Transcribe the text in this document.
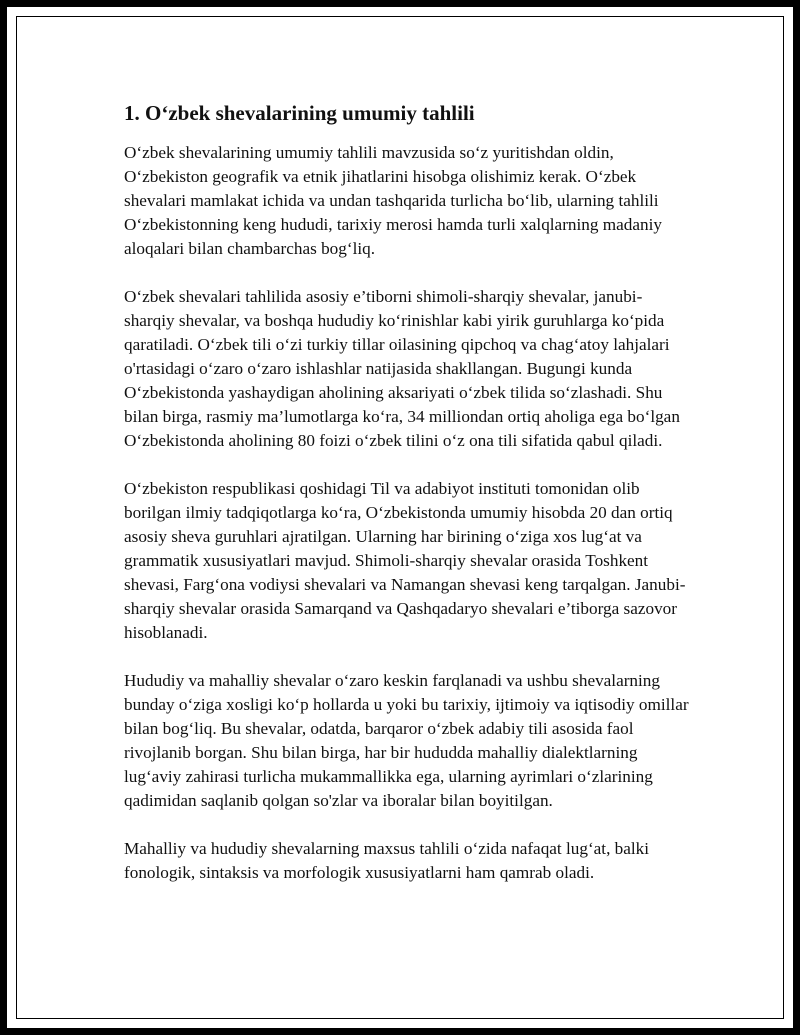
1. O‘zbek shevalarining umumiy tahlili

O‘zbek shevalarining umumiy tahlili mavzusida so‘z yuritishdan oldin, O‘zbekiston geografik va etnik jihatlarini hisobga olishimiz kerak. O‘zbek shevalari mamlakat ichida va undan tashqarida turlicha bo‘lib, ularning tahlili O‘zbekistonning keng hududi, tarixiy merosi hamda turli xalqlarning madaniy aloqalari bilan chambarchas bog‘liq.

O‘zbek shevalari tahlilida asosiy e’tiborni shimoli-sharqiy shevalar, janubi-sharqiy shevalar, va boshqa hududiy ko‘rinishlar kabi yirik guruhlarga ko‘pida qaratiladi. O‘zbek tili o‘zi turkiy tillar oilasining qipchoq va chag‘atoy lahjalari o'rtasidagi o‘zaro o‘zaro ishlashlar natijasida shakllangan. Bugungi kunda O‘zbekistonda yashaydigan aholining aksariyati o‘zbek tilida so‘zlashadi. Shu bilan birga, rasmiy ma’lumotlarga ko‘ra, 34 milliondan ortiq aholiga ega bo‘lgan O‘zbekistonda aholining 80 foizi o‘zbek tilini o‘z ona tili sifatida qabul qiladi.

O‘zbekiston respublikasi qoshidagi Til va adabiyot instituti tomonidan olib borilgan ilmiy tadqiqotlarga ko‘ra, O‘zbekistonda umumiy hisobda 20 dan ortiq asosiy sheva guruhlari ajratilgan. Ularning har birining o‘ziga xos lug‘at va grammatik xususiyatlari mavjud. Shimoli-sharqiy shevalar orasida Toshkent shevasi, Farg‘ona vodiysi shevalari va Namangan shevasi keng tarqalgan. Janubi-sharqiy shevalar orasida Samarqand va Qashqadaryo shevalari e’tiborga sazovor hisoblanadi.

Hududiy va mahalliy shevalar o‘zaro keskin farqlanadi va ushbu shevalarning bunday o‘ziga xosligi ko‘p hollarda u yoki bu tarixiy, ijtimoiy va iqtisodiy omillar bilan bog‘liq. Bu shevalar, odatda, barqaror o‘zbek adabiy tili asosida faol rivojlanib borgan. Shu bilan birga, har bir hududda mahalliy dialektlarning lug‘aviy zahirasi turlicha mukammallikka ega, ularning ayrimlari o‘zlarining qadimidan saqlanib qolgan so'zlar va iboralar bilan boyitilgan.

Mahalliy va hududiy shevalarning maxsus tahlili o‘zida nafaqat lug‘at, balki fonologik, sintaksis va morfologik xususiyatlarni ham qamrab oladi.
